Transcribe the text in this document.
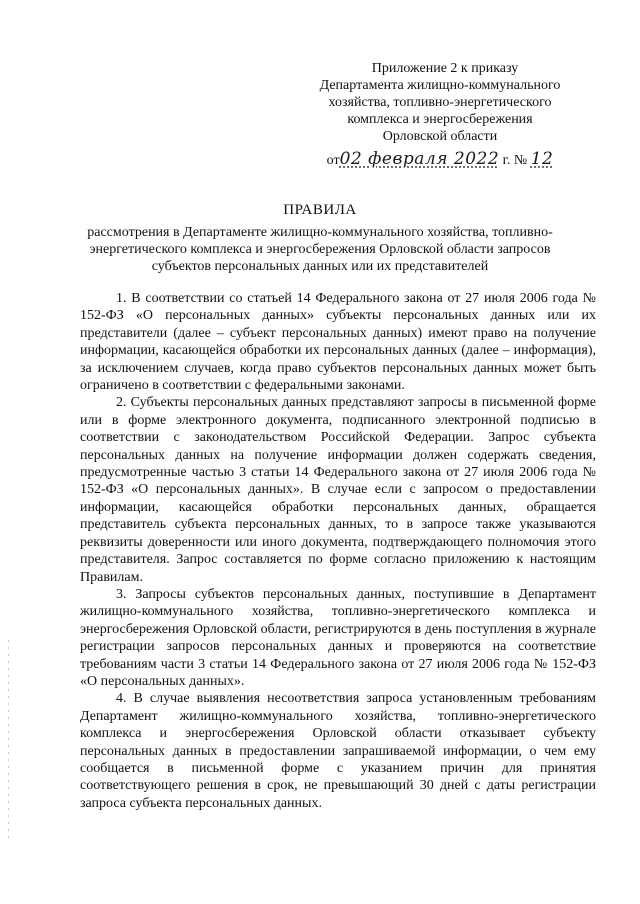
Приложение 2 к приказу
Департамента жилищно-коммунального
хозяйства, топливно-энергетического
комплекса и энергосбережения
Орловской области
от02 февраля 2022 г. № 12
ПРАВИЛА
рассмотрения в Департаменте жилищно-коммунального хозяйства, топливно-энергетического комплекса и энергосбережения Орловской области запросов субъектов персональных данных или их представителей

1. В соответствии со статьей 14 Федерального закона от 27 июля 2006 года № 152-ФЗ «О персональных данных» субъекты персональных данных или их представители (далее – субъект персональных данных) имеют право на получение информации, касающейся обработки их персональных данных (далее – информация), за исключением случаев, когда право субъектов персональных данных может быть ограничено в соответствии с федеральными законами.

2. Субъекты персональных данных представляют запросы в письменной форме или в форме электронного документа, подписанного электронной подписью в соответствии с законодательством Российской Федерации. Запрос субъекта персональных данных на получение информации должен содержать сведения, предусмотренные частью 3 статьи 14 Федерального закона от 27 июля 2006 года № 152-ФЗ «О персональных данных». В случае если с запросом о предоставлении информации, касающейся обработки персональных данных, обращается представитель субъекта персональных данных, то в запросе также указываются реквизиты доверенности или иного документа, подтверждающего полномочия этого представителя. Запрос составляется по форме согласно приложению к настоящим Правилам.

3. Запросы субъектов персональных данных, поступившие в Департамент жилищно-коммунального хозяйства, топливно-энергетического комплекса и энергосбережения Орловской области, регистрируются в день поступления в журнале регистрации запросов персональных данных и проверяются на соответствие требованиям части 3 статьи 14 Федерального закона от 27 июля 2006 года № 152-ФЗ «О персональных данных».

4. В случае выявления несоответствия запроса установленным требованиям Департамент жилищно-коммунального хозяйства, топливно-энергетического комплекса и энергосбережения Орловской области отказывает субъекту персональных данных в предоставлении запрашиваемой информации, о чем ему сообщается в письменной форме с указанием причин для принятия соответствующего решения в срок, не превышающий 30 дней с даты регистрации запроса субъекта персональных данных.
